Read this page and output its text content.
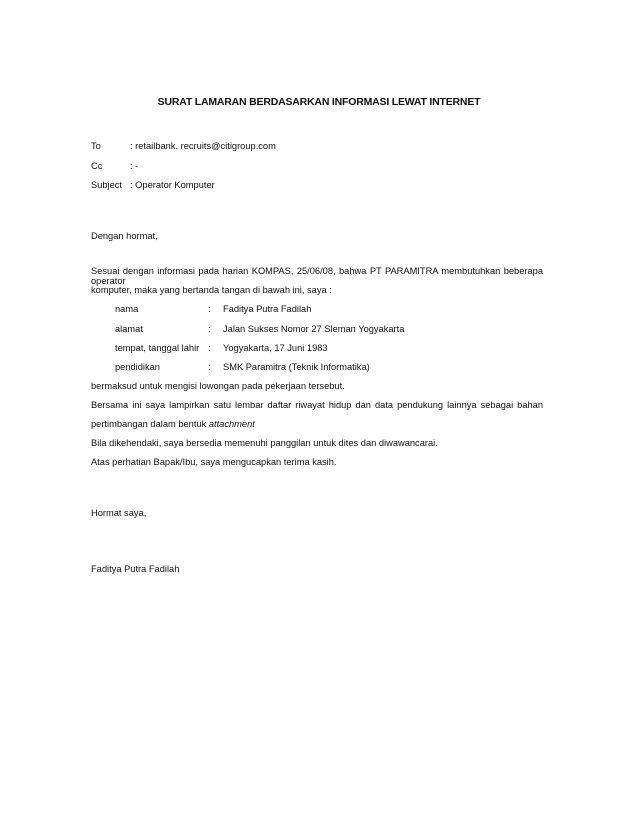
SURAT LAMARAN BERDASARKAN INFORMASI LEWAT INTERNET
To	: retailbank. recruits@citigroup.com
Cc	: -
Subject : Operator Komputer
Dengan hormat,
Sesuai dengan informasi pada harian KOMPAS, 25/06/08, bahwa PT PARAMITRA membutuhkan beberapa operator
komputer, maka yang bertanda tangan di bawah ini, saya :
nama	: Faditya Putra Fadilah
alamat	: Jalan Sukses Nomor 27 Sleman Yogyakarta
tempat, tanggal lahir : Yogyakarta, 17 Juni 1983
pendidikan	: SMK Paramitra (Teknik Informatika)
bermaksud untuk mengisi lowongan pada pekerjaan tersebut.
Bersama ini saya lampirkan satu lembar daftar riwayat hidup dan data pendukung lainnya sebagai bahan
pertimbangan dalam bentuk attachment
Bila dikehendaki, saya bersedia memenuhi panggilan untuk dites dan diwawancarai.
Atas perhatian Bapak/Ibu, saya mengucapkan terima kasih.
Hormat saya,
Faditya Putra Fadilah
